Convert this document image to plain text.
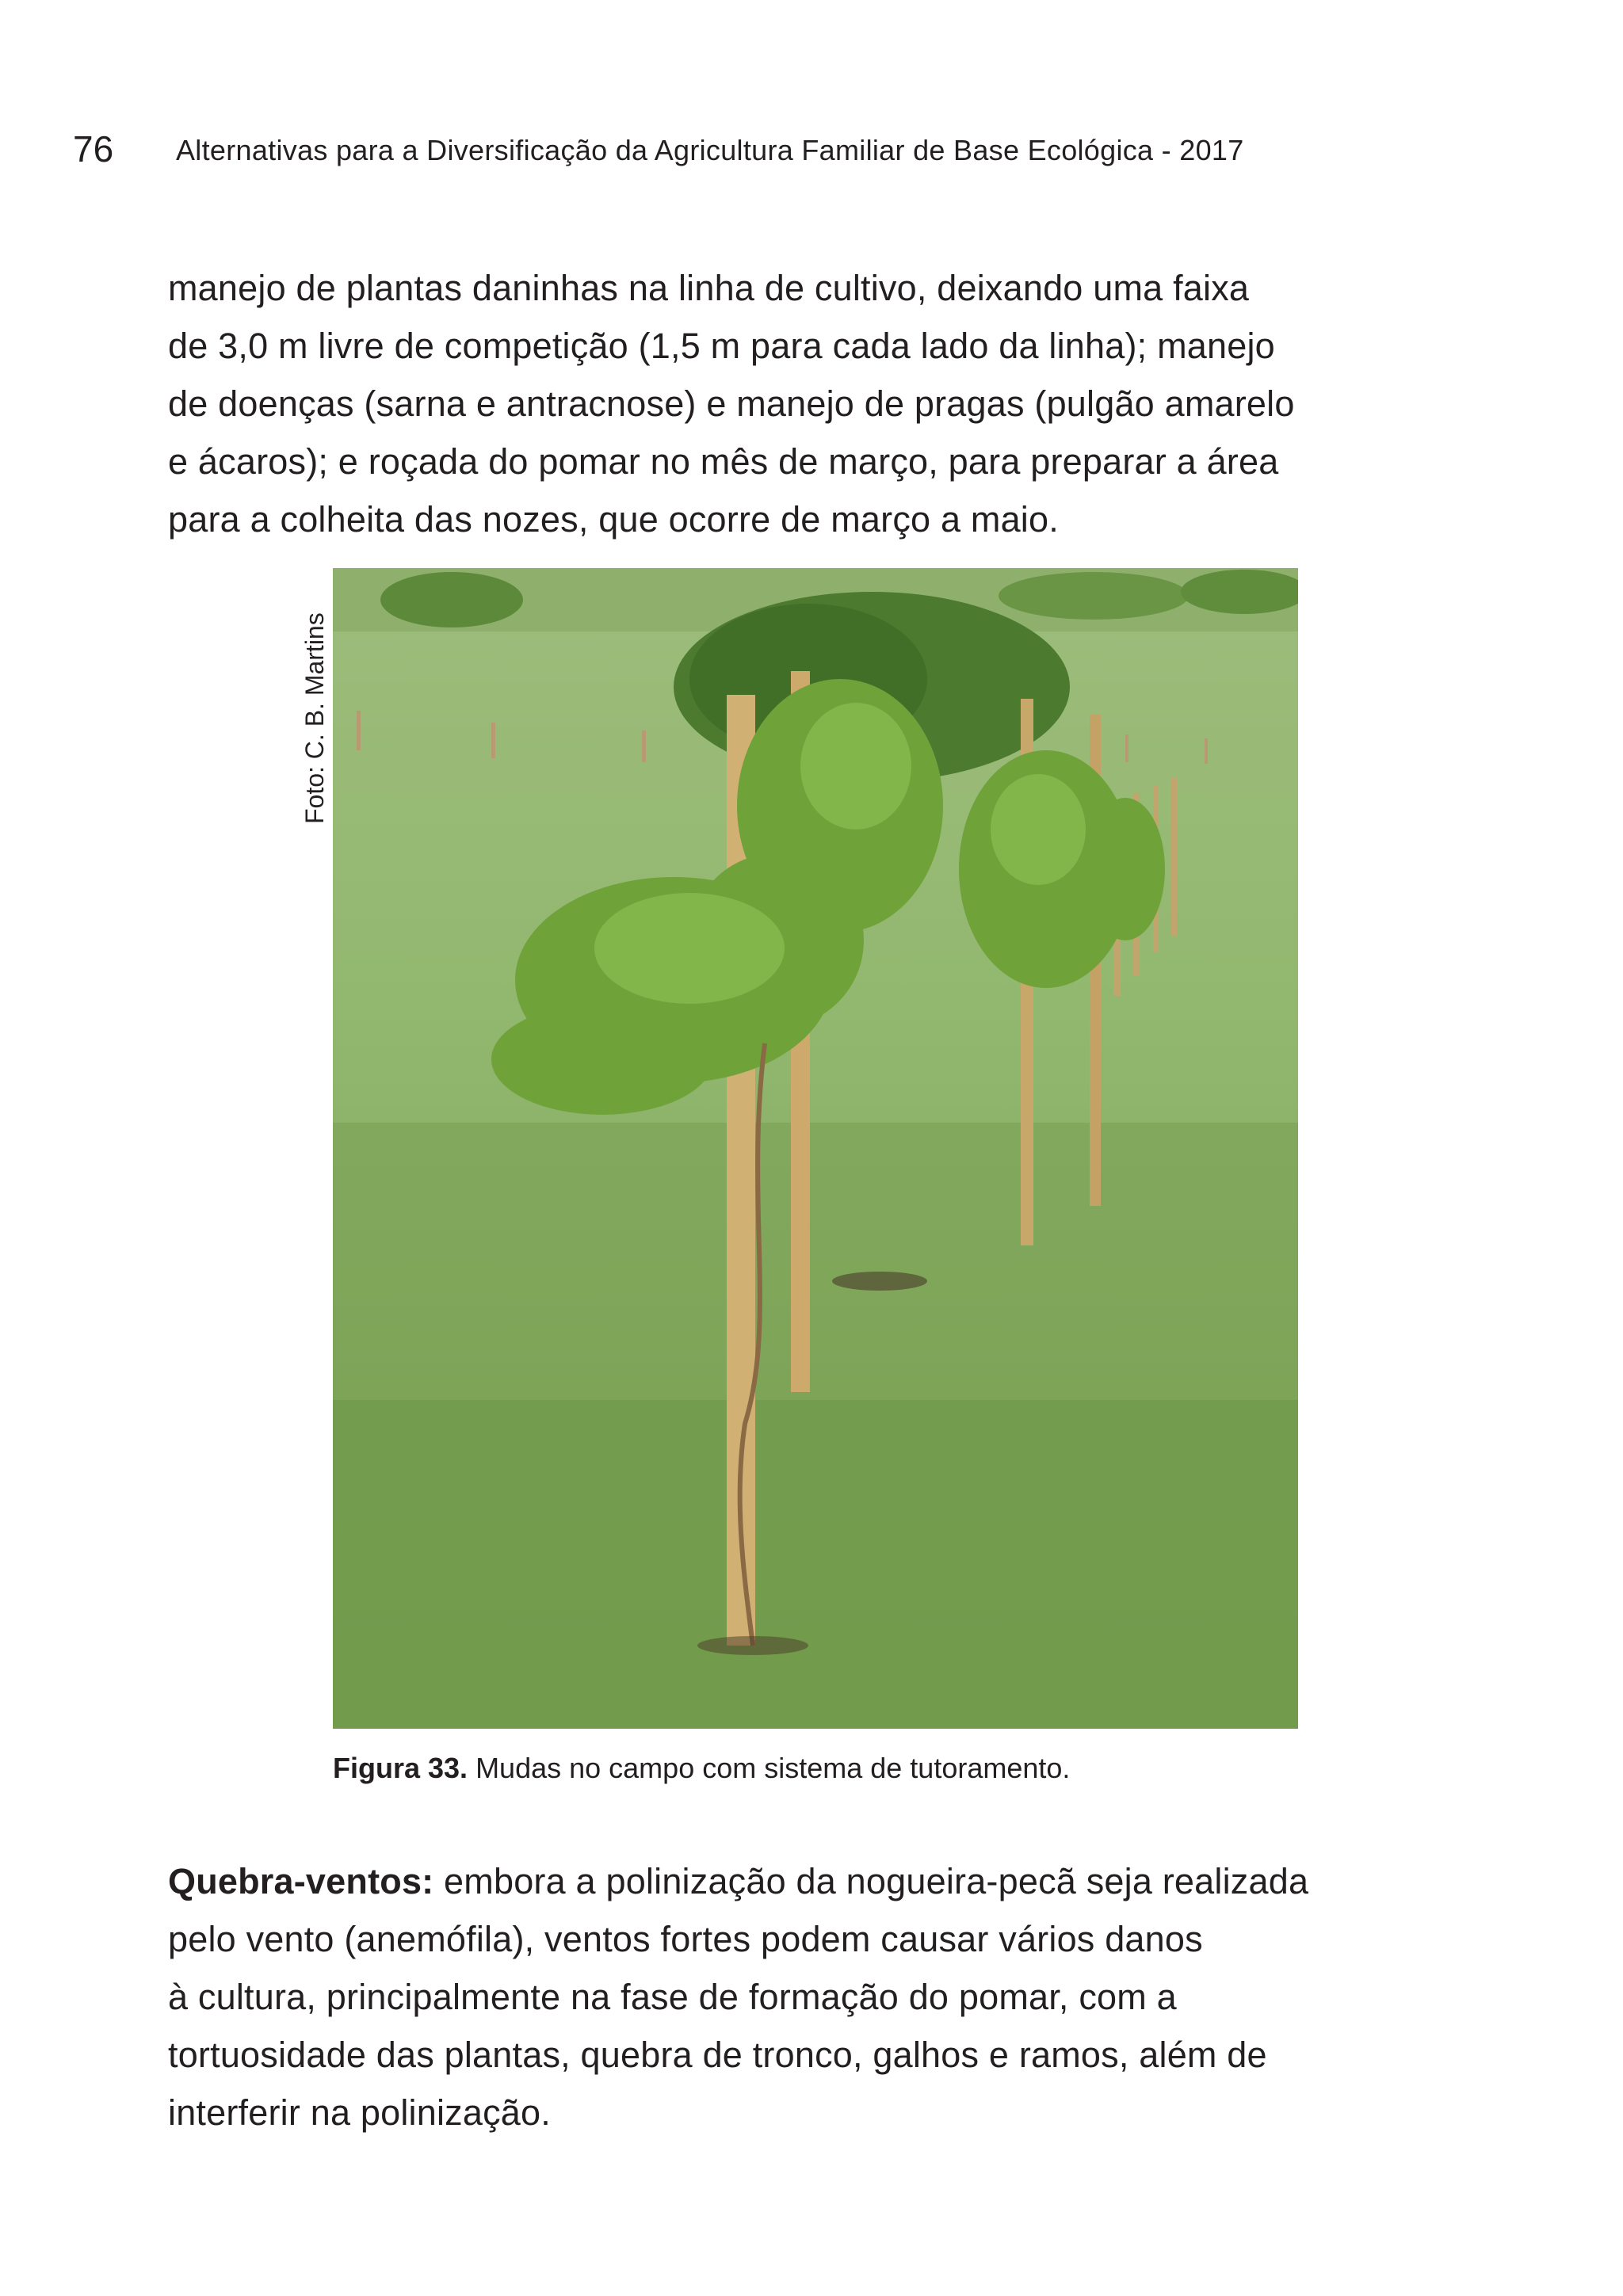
76 Alternativas para a Diversificação da Agricultura Familiar de Base Ecológica - 2017

manejo de plantas daninhas na linha de cultivo, deixando uma faixa
de 3,0 m livre de competição (1,5 m para cada lado da linha); manejo
de doenças (sarna e antracnose) e manejo de pragas (pulgão amarelo
e ácaros); e roçada do pomar no mês de março, para preparar a área
para a colheita das nozes, que ocorre de março a maio.

Foto: C. B. Martins
Figura 33. Mudas no campo com sistema de tutoramento.

Quebra-ventos: embora a polinização da nogueira-pecã seja realizada
pelo vento (anemófila), ventos fortes podem causar vários danos
à cultura, principalmente na fase de formação do pomar, com a
tortuosidade das plantas, quebra de tronco, galhos e ramos, além de
interferir na polinização.
